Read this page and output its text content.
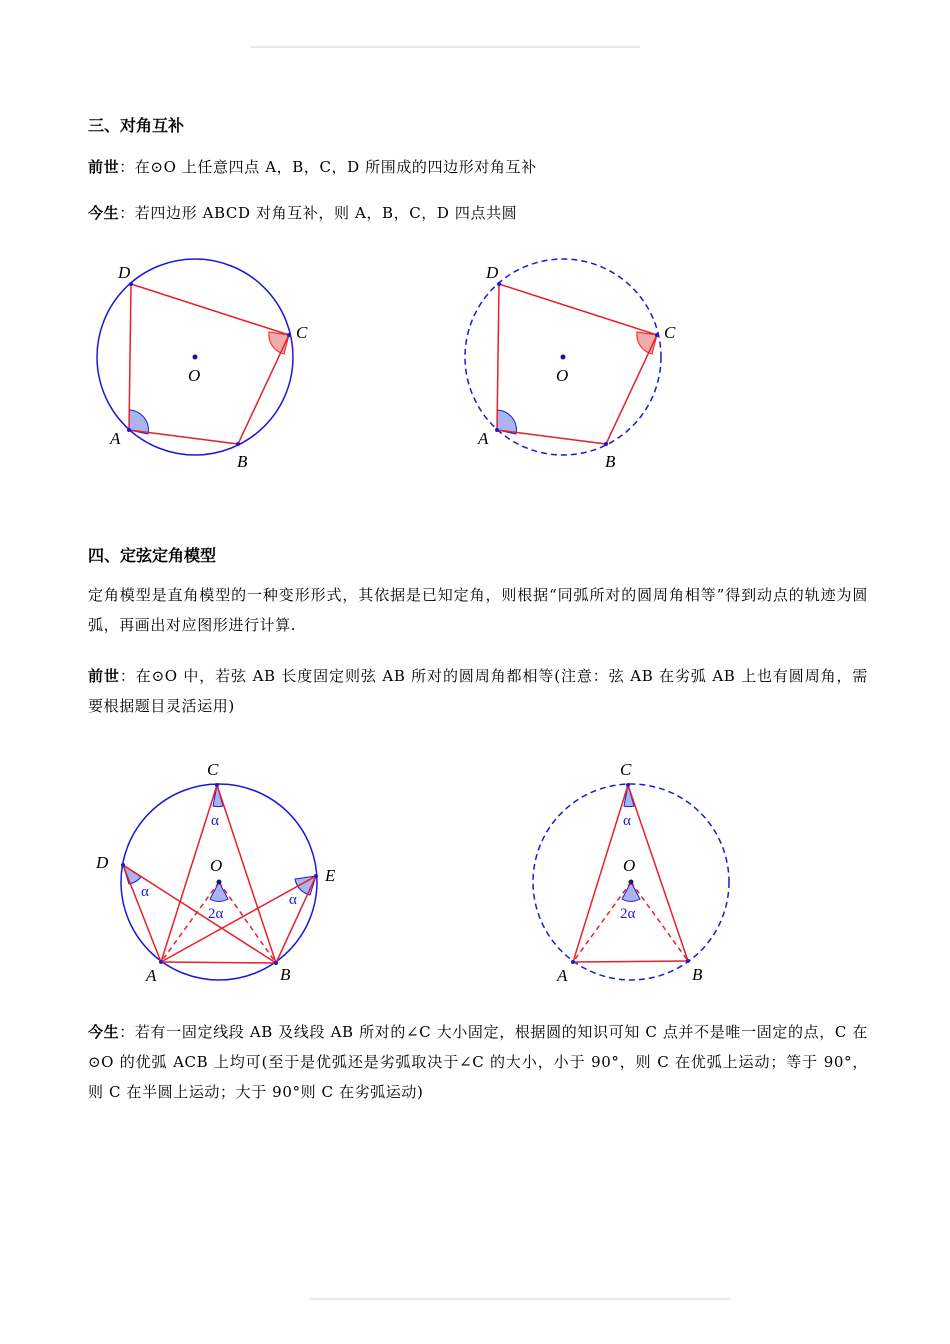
三、对角互补
前世：在⊙O 上任意四点 A，B，C，D 所围成的四边形对角互补
今生：若四边形 ABCD 对角互补，则 A，B，C，D 四点共圆
D
C
B
A
O
D
C
B
A
O
四、定弦定角模型
定角模型是直角模型的一种变形形式，其依据是已知定角，则根据“同弧所对的圆周角相等”得到动点的轨迹为圆弧，再画出对应图形进行计算.
前世：在⊙O 中，若弦 AB 长度固定则弦 AB 所对的圆周角都相等(注意：弦 AB 在劣弧 AB 上也有圆周角，需要根据题目灵活运用)
C
D
E
O
A	B
α
α	α
2α
C
O
A	B
α
2α
今生：若有一固定线段 AB 及线段 AB 所对的∠C 大小固定，根据圆的知识可知 C 点并不是唯一固定的点，C 在⊙O 的优弧 ACB 上均可(至于是优弧还是劣弧取决于∠C 的大小，小于 90°，则 C 在优弧上运动；等于 90°，则 C 在半圆上运动；大于 90°则 C 在劣弧运动)
